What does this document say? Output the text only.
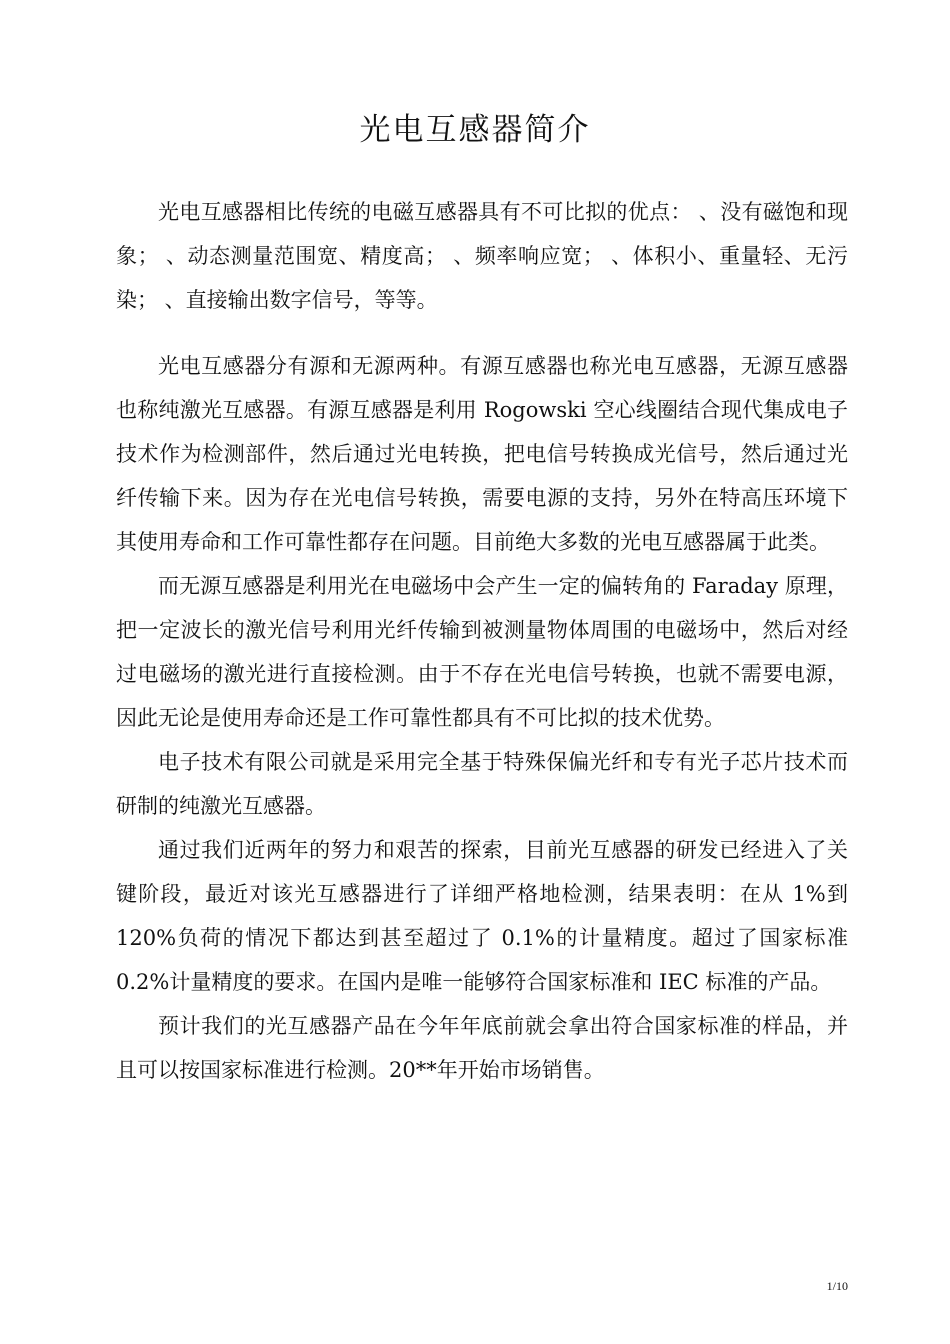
光电互感器简介

光电互感器相比传统的电磁互感器具有不可比拟的优点： 、没有磁饱和现象； 、动态测量范围宽、精度高； 、频率响应宽； 、体积小、重量轻、无污染； 、直接输出数字信号，等等。

光电互感器分有源和无源两种。有源互感器也称光电互感器，无源互感器也称纯激光互感器。有源互感器是利用 Rogowski 空心线圈结合现代集成电子技术作为检测部件，然后通过光电转换，把电信号转换成光信号，然后通过光纤传输下来。因为存在光电信号转换，需要电源的支持，另外在特高压环境下其使用寿命和工作可靠性都存在问题。目前绝大多数的光电互感器属于此类。

而无源互感器是利用光在电磁场中会产生一定的偏转角的 Faraday 原理，把一定波长的激光信号利用光纤传输到被测量物体周围的电磁场中，然后对经过电磁场的激光进行直接检测。由于不存在光电信号转换，也就不需要电源，因此无论是使用寿命还是工作可靠性都具有不可比拟的技术优势。

电子技术有限公司就是采用完全基于特殊保偏光纤和专有光子芯片技术而研制的纯激光互感器。

通过我们近两年的努力和艰苦的探索，目前光互感器的研发已经进入了关键阶段，最近对该光互感器进行了详细严格地检测，结果表明：在从 1%到 120%负荷的情况下都达到甚至超过了 0.1%的计量精度。超过了国家标准 0.2%计量精度的要求。在国内是唯一能够符合国家标准和 IEC 标准的产品。

预计我们的光互感器产品在今年年底前就会拿出符合国家标准的样品，并且可以按国家标准进行检测。20**年开始市场销售。

1/10
